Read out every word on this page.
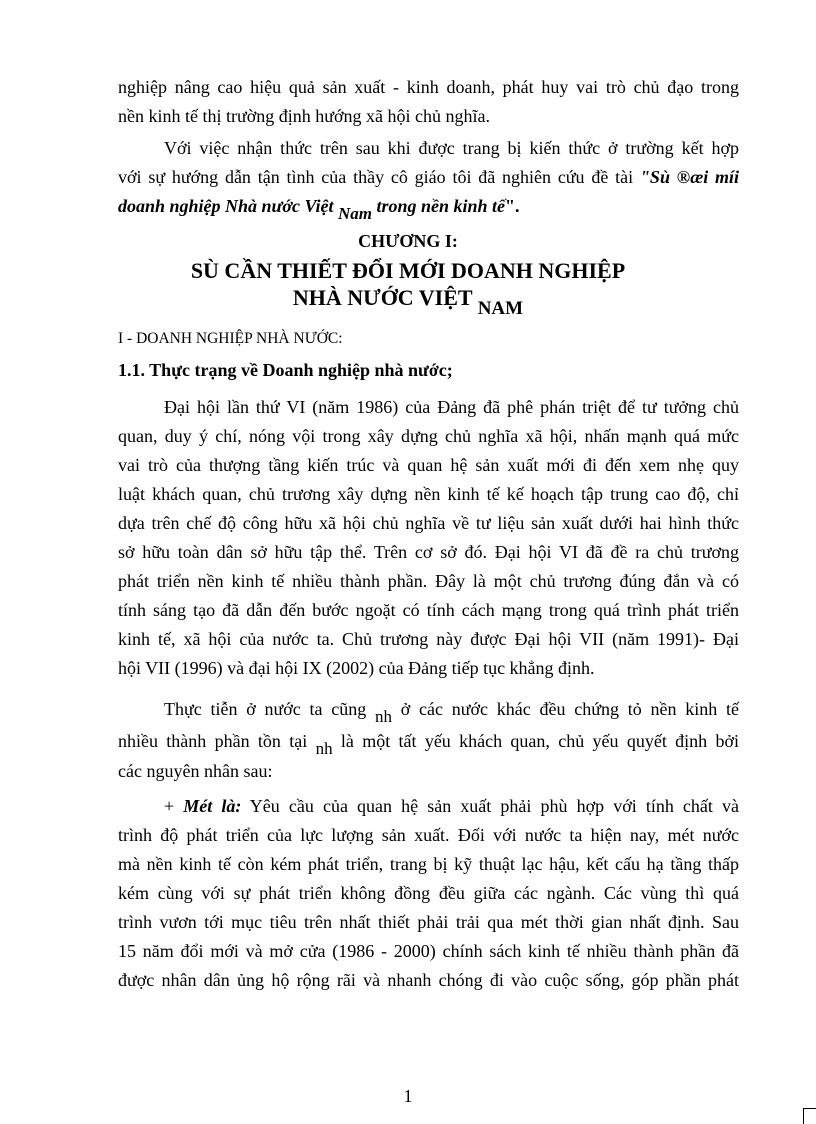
nghiệp nâng cao hiệu quả sản xuất - kinh doanh, phát huy vai trò chủ đạo trong
nền kinh tế thị trường định hướng xã hội chủ nghĩa.
Với việc nhận thức trên sau khi được trang bị kiến thức ở trường kết hợp
với sự hướng dẫn tận tình của thầy cô giáo tôi đã nghiên cứu đề tài "Sù ®æi míi
doanh nghiệp Nhà nước Việt Nam trong nền kinh tế".
CHƯƠNG I:
SÙ CẦN THIẾT ĐỔI MỚI DOANH NGHIỆP
NHÀ NƯỚC VIỆT NAM
I - DOANH NGHIỆP NHÀ NƯỚC:
1.1. Thực trạng về Doanh nghiệp nhà nước;
Đại hội lần thứ VI (năm 1986) của Đảng đã phê phán triệt để tư tưởng chủ
quan, duy ý chí, nóng vội trong xây dựng chủ nghĩa xã hội, nhấn mạnh quá mức
vai trò của thượng tầng kiến trúc và quan hệ sản xuất mới đi đến xem nhẹ quy
luật khách quan, chủ trương xây dựng nền kinh tế kế hoạch tập trung cao độ, chỉ
dựa trên chế độ công hữu xã hội chủ nghĩa về tư liệu sản xuất dưới hai hình thức
sở hữu toàn dân sở hữu tập thể. Trên cơ sở đó. Đại hội VI đã đề ra chủ trương
phát triển nền kinh tế nhiều thành phần. Đây là một chủ trương đúng đắn và có
tính sáng tạo đã dẫn đến bước ngoặt có tính cách mạng trong quá trình phát triển
kinh tế, xã hội của nước ta. Chủ trương này được Đại hội VII (năm 1991)- Đại
hội VII (1996) và đại hội IX (2002) của Đảng tiếp tục khẳng định.
Thực tiễn ở nước ta cũng nh ở các nước khác đều chứng tỏ nền kinh tế
nhiều thành phần tồn tại nh là một tất yếu khách quan, chủ yếu quyết định bởi
các nguyên nhân sau:
+ Mét là: Yêu cầu của quan hệ sản xuất phải phù hợp với tính chất và
trình độ phát triển của lực lượng sản xuất. Đối với nước ta hiện nay, mét nước
mà nền kinh tế còn kém phát triển, trang bị kỹ thuật lạc hậu, kết cấu hạ tầng thấp
kém cùng với sự phát triển không đồng đều giữa các ngành. Các vùng thì quá
trình vươn tới mục tiêu trên nhất thiết phải trải qua mét thời gian nhất định. Sau
15 năm đổi mới và mở cửa (1986 - 2000) chính sách kinh tế nhiều thành phần đã
được nhân dân ủng hộ rộng rãi và nhanh chóng đi vào cuộc sống, góp phần phát
1
